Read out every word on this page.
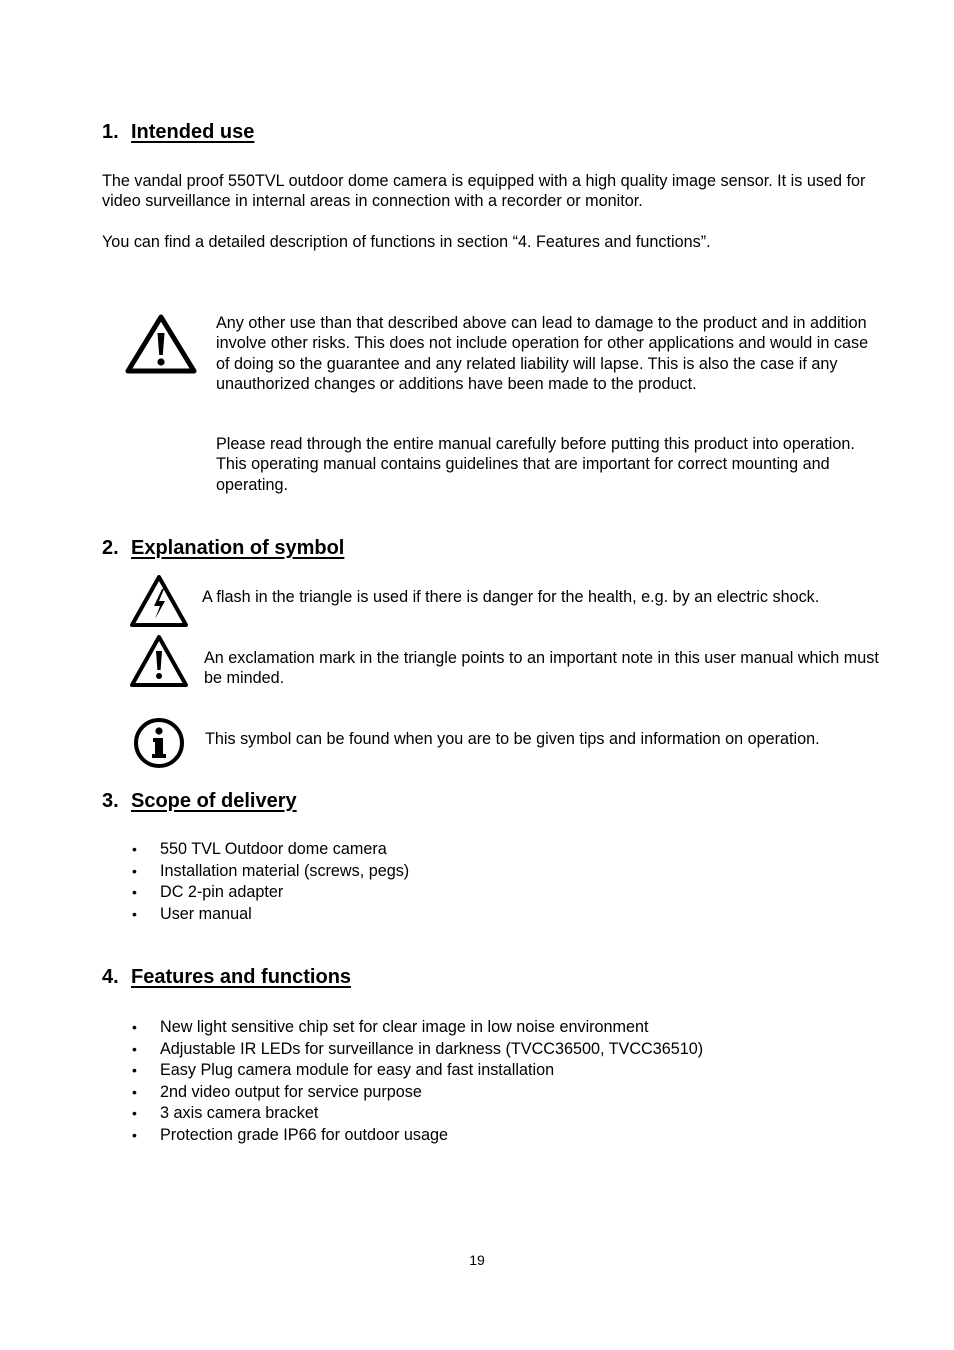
1. Intended use

The vandal proof 550TVL outdoor dome camera is equipped with a high quality image sensor. It is used for video surveillance in internal areas in connection with a recorder or monitor.

You can find a detailed description of functions in section “4. Features and functions”.

Any other use than that described above can lead to damage to the product and in addition involve other risks. This does not include operation for other applications and would in case of doing so the guarantee and any related liability will lapse. This is also the case if any unauthorized changes or additions have been made to the product.

Please read through the entire manual carefully before putting this product into operation. This operating manual contains guidelines that are important for correct mounting and operating.

2. Explanation of symbol

A flash in the triangle is used if there is danger for the health, e.g. by an electric shock.

An exclamation mark in the triangle points to an important note in this user manual which must be minded.

This symbol can be found when you are to be given tips and information on operation.

3. Scope of delivery
• 550 TVL Outdoor dome camera
• Installation material (screws, pegs)
• DC 2-pin adapter
• User manual
4. Features and functions
• New light sensitive chip set for clear image in low noise environment
• Adjustable IR LEDs for surveillance in darkness (TVCC36500, TVCC36510)
• Easy Plug camera module for easy and fast installation
• 2nd video output for service purpose
• 3 axis camera bracket
• Protection grade IP66 for outdoor usage
19
